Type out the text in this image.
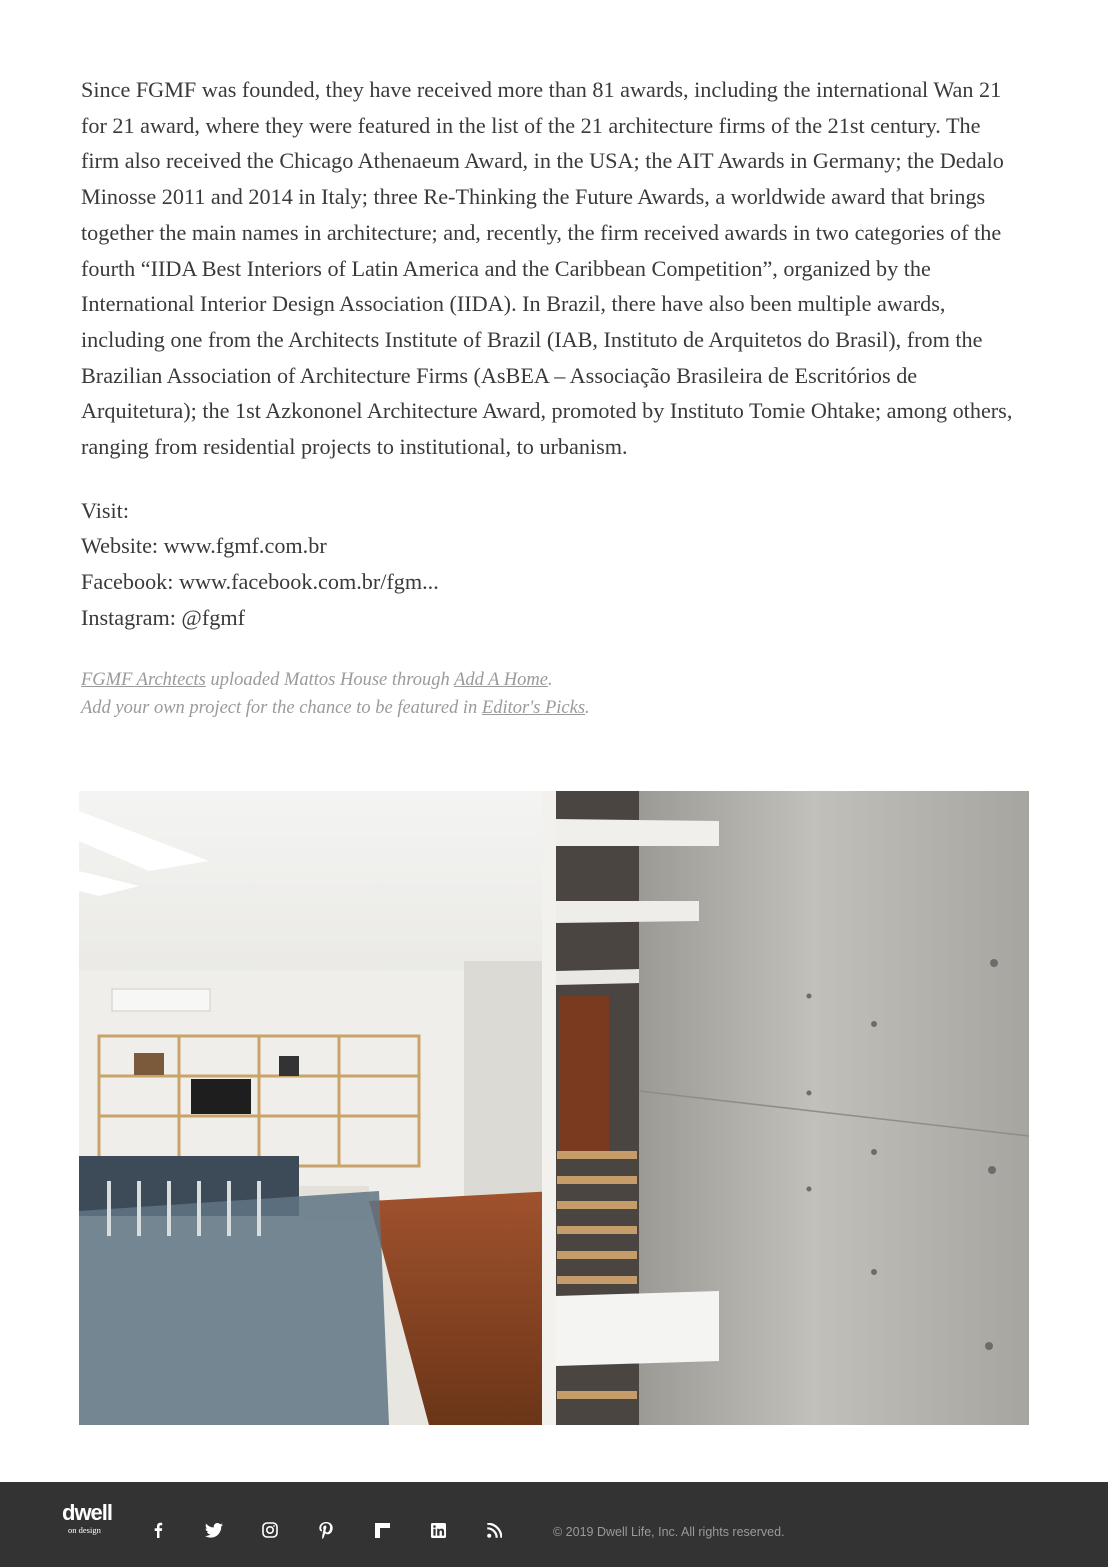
Since FGMF was founded, they have received more than 81 awards, including the international Wan 21 for 21 award, where they were featured in the list of the 21 architecture firms of the 21st century. The firm also received the Chicago Athenaeum Award, in the USA; the AIT Awards in Germany; the Dedalo Minosse 2011 and 2014 in Italy; three Re-Thinking the Future Awards, a worldwide award that brings together the main names in architecture; and, recently, the firm received awards in two categories of the fourth “IIDA Best Interiors of Latin America and the Caribbean Competition”, organized by the International Interior Design Association (IIDA). In Brazil, there have also been multiple awards, including one from the Architects Institute of Brazil (IAB, Instituto de Arquitetos do Brasil), from the Brazilian Association of Architecture Firms (AsBEA – Associação Brasileira de Escritórios de Arquitetura); the 1st Azkononel Architecture Award, promoted by Instituto Tomie Ohtake; among others, ranging from residential projects to institutional, to urbanism.

Visit:
Website: www.fgmf.com.br
Facebook: www.facebook.com.br/fgm...
Instagram: @fgmf
FGMF Archtects uploaded Mattos House through Add A Home.
Add your own project for the chance to be featured in Editor's Picks.
dwell
on design	© 2019 Dwell Life, Inc. All rights reserved.
